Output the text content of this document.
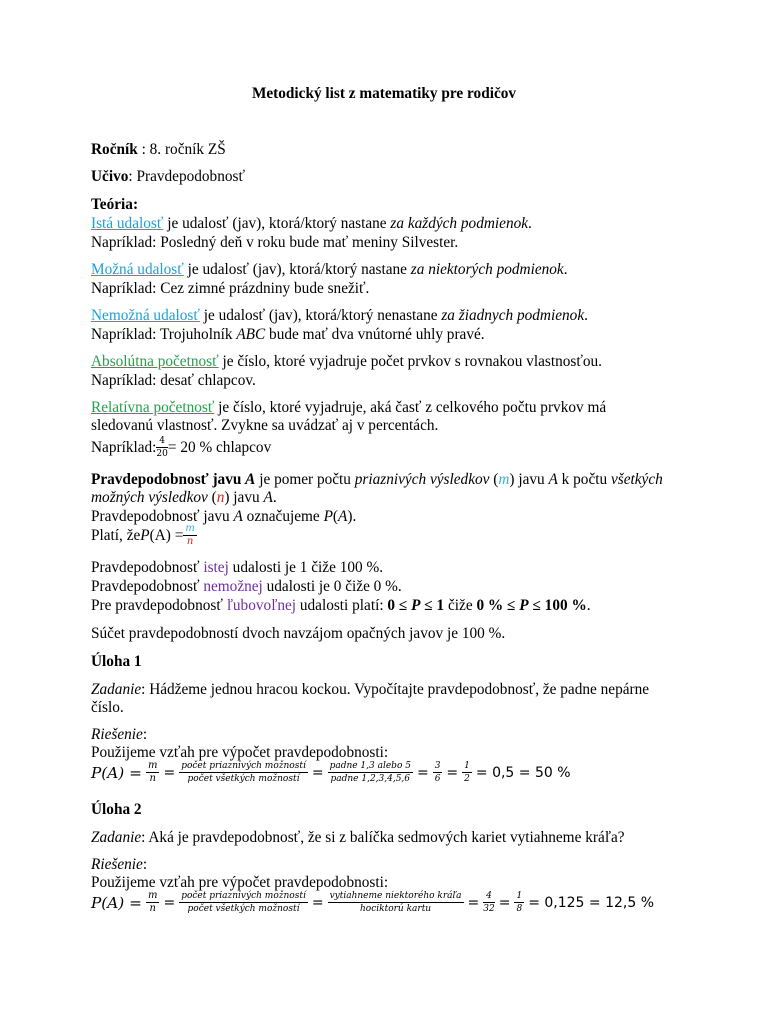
Metodický list z matematiky pre rodičov
Ročník : 8. ročník ZŠ
Učivo: Pravdepodobnosť
Teória:
Istá udalosť je udalosť (jav), ktorá/ktorý nastane za každých podmienok.
Napríklad: Posledný deň v roku bude mať meniny Silvester.
Možná udalosť je udalosť (jav), ktorá/ktorý nastane za niektorých podmienok.
Napríklad: Cez zimné prázdniny bude snežiť.
Nemožná udalosť je udalosť (jav), ktorá/ktorý nenastane za žiadnych podmienok.
Napríklad: Trojuholník ABC bude mať dva vnútorné uhly pravé.
Absolútna početnosť je číslo, ktoré vyjadruje počet prvkov s rovnakou vlastnosťou.
Napríklad: desať chlapcov.
Relatívna početnosť je číslo, ktoré vyjadruje, aká časť z celkového počtu prvkov má
sledovanú vlastnosť. Zvykne sa uvádzať aj v percentách.
Napríklad: $\frac{4}{20} = 20$ % chlapcov
Pravdepodobnosť javu A je pomer počtu priaznivých výsledkov (m) javu A k počtu všetkých
možných výsledkov (n) javu A.
Pravdepodobnosť javu A označujeme P(A).
Platí, že P $(A) = \frac{m}{n}$
Pravdepodobnosť istej udalosti je 1 čiže 100 %.
Pravdepodobnosť nemožnej udalosti je 0 čiže 0 %.
Pre pravdepodobnosť ľubovoľnej udalosti platí: 0 ≤ P ≤ 1 čiže 0 % ≤ P ≤ 100 %.
Súčet pravdepodobností dvoch navzájom opačných javov je 100 %.
Úloha 1
Zadanie: Hádžeme jednou hracou kockou. Vypočítajte pravdepodobnosť, že padne nepárne
číslo.
Riešenie:
Použijeme vzťah pre výpočet pravdepodobnosti:
$P(A) = \frac{m}{n} = \frac{\text{počet priaznivých možností}}{\text{počet všetkých možností}} = \frac{\text{padne 1,3 alebo 5}}{\text{padne 1,2,3,4,5,6}} = \frac{3}{6} = \frac{1}{2} = 0,5 = 50$ %
Úloha 2
Zadanie: Aká je pravdepodobnosť, že si z balíčka sedmových kariet vytiahneme kráľa?
Riešenie:
Použijeme vzťah pre výpočet pravdepodobnosti:
$P(A) = \frac{m}{n} = \frac{\text{počet priaznivých možností}}{\text{počet všetkých možností}} = \frac{\text{vytiahneme niektorého kráľa}}{\text{hociktorú kartu}} = \frac{4}{32} = \frac{1}{8} = 0,125 = 12,5$ %
